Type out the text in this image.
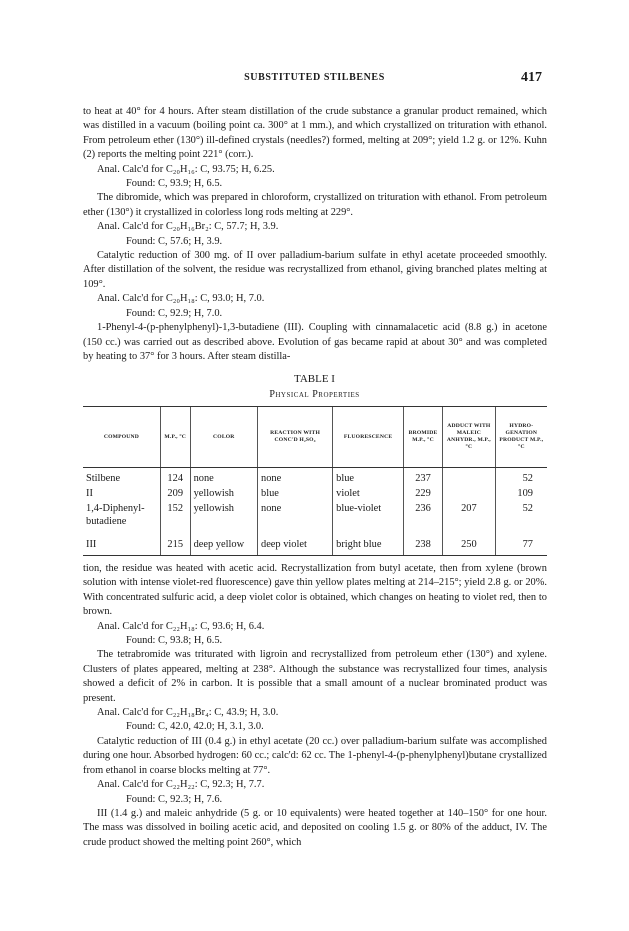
SUBSTITUTED STILBENES	417

to heat at 40° for 4 hours. After steam distillation of the crude substance a granular product remained, which was distilled in a vacuum (boiling point ca. 300° at 1 mm.), and which crystallized on trituration with ethanol. From petroleum ether (130°) ill-defined crystals (needles?) formed, melting at 209°; yield 1.2 g. or 12%. Kuhn (2) reports the melting point 221° (corr.).

Anal. Calc'd for C₂₀H₁₆: C, 93.75; H, 6.25.

Found: C, 93.9; H, 6.5.

The dibromide, which was prepared in chloroform, crystallized on trituration with ethanol. From petroleum ether (130°) it crystallized in colorless long rods melting at 229°.

Anal. Calc'd for C₂₀H₁₆Br₂: C, 57.7; H, 3.9.

Found: C, 57.6; H, 3.9.

Catalytic reduction of 300 mg. of II over palladium-barium sulfate in ethyl acetate proceeded smoothly. After distillation of the solvent, the residue was recrystallized from ethanol, giving branched plates melting at 109°.

Anal. Calc'd for C₂₀H₁₈: C, 93.0; H, 7.0.

Found: C, 92.9; H, 7.0.

1-Phenyl-4-(p-phenylphenyl)-1,3-butadiene (III). Coupling with cinnamalacetic acid (8.8 g.) in acetone (150 cc.) was carried out as described above. Evolution of gas became rapid at about 30° and was completed by heating to 37° for 3 hours. After steam distilla-

TABLE I
Physical Properties
COMPOUND	M.P., °C	COLOR	REACTION WITH CONC'D H₂SO₄	FLUORESCENCE	BROMIDE M.P., °C	ADDUCT WITH MALEIC ANHYDR., M.P., °C	HYDRO-GENATION PRODUCT M.P., °C
Stilbene	124	none	none	blue	237		52
II	209	yellowish	blue	violet	229		109
1,4-Diphenyl-butadiene	152	yellowish	none	blue-violet	236	207	52
III	215	deep yellow	deep violet	bright blue	238	250	77

tion, the residue was heated with acetic acid. Recrystallization from butyl acetate, then from xylene (brown solution with intense violet-red fluorescence) gave thin yellow plates melting at 214–215°; yield 2.8 g. or 20%. With concentrated sulfuric acid, a deep violet color is obtained, which changes on heating to violet red, then to brown.

Anal. Calc'd for C₂₂H₁₈: C, 93.6; H, 6.4.

Found: C, 93.8; H, 6.5.

The tetrabromide was triturated with ligroin and recrystallized from petroleum ether (130°) and xylene. Clusters of plates appeared, melting at 238°. Although the substance was recrystallized four times, analysis showed a deficit of 2% in carbon. It is possible that a small amount of a nuclear brominated product was present.

Anal. Calc'd for C₂₂H₁₈Br₄: C, 43.9; H, 3.0.

Found: C, 42.0, 42.0; H, 3.1, 3.0.

Catalytic reduction of III (0.4 g.) in ethyl acetate (20 cc.) over palladium-barium sulfate was accomplished during one hour. Absorbed hydrogen: 60 cc.; calc'd: 62 cc. The 1-phenyl-4-(p-phenylphenyl)butane crystallized from ethanol in coarse blocks melting at 77°.

Anal. Calc'd for C₂₂H₂₂: C, 92.3; H, 7.7.

Found: C, 92.3; H, 7.6.

III (1.4 g.) and maleic anhydride (5 g. or 10 equivalents) were heated together at 140–150° for one hour. The mass was dissolved in boiling acetic acid, and deposited on cooling 1.5 g. or 80% of the adduct, IV. The crude product showed the melting point 260°, which
